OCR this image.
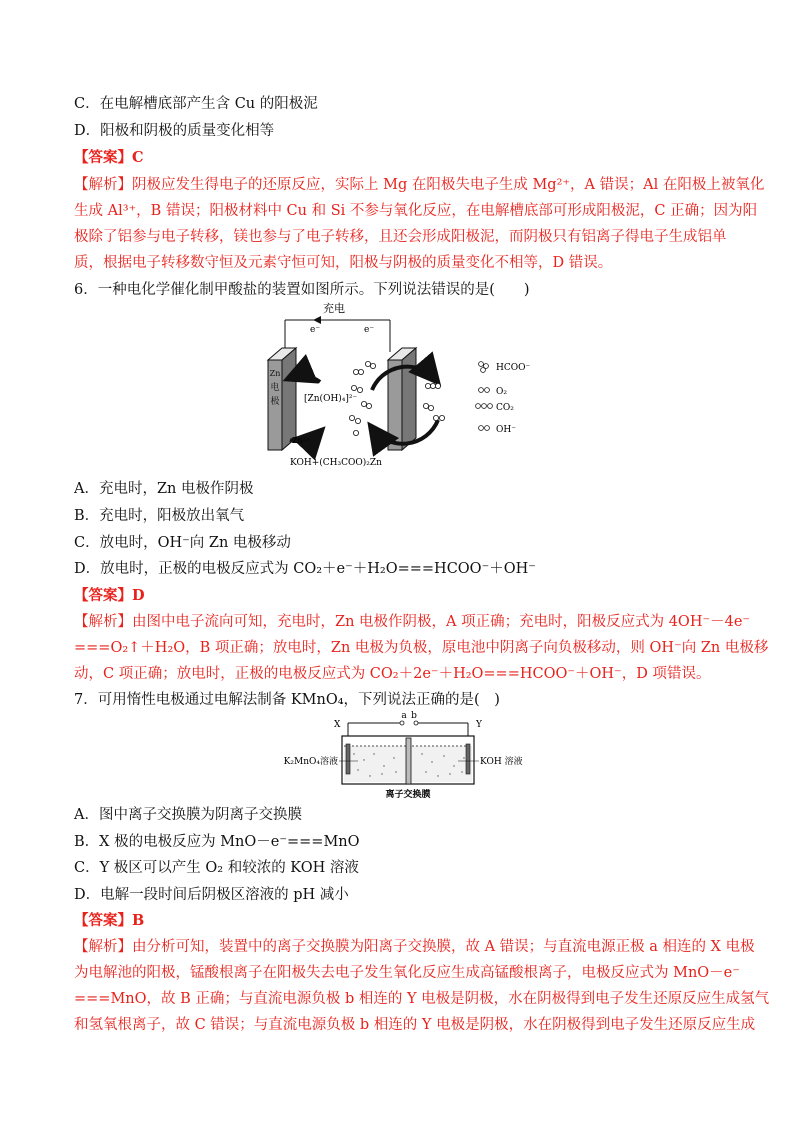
C．在电解槽底部产生含 Cu 的阳极泥
D．阳极和阴极的质量变化相等
【答案】C
【解析】阴极应发生得电子的还原反应，实际上 Mg 在阳极失电子生成 Mg²⁺，A 错误；Al 在阳极上被氧化
生成 Al³⁺，B 错误；阳极材料中 Cu 和 Si 不参与氧化反应，在电解槽底部可形成阳极泥，C 正确；因为阳
极除了铝参与电子转移，镁也参与了电子转移，且还会形成阳极泥，而阴极只有铝离子得电子生成铝单
质，根据电子转移数守恒及元素守恒可知，阳极与阴极的质量变化不相等，D 错误。
6．一种电化学催化制甲酸盐的装置如图所示。下列说法错误的是(　　)
充电
e⁻	e⁻
Zn
电
极	[Zn(OH)₄]²⁻
Zn²⁺
HCOO⁻
O₂
CO₂
OH⁻
KOH+(CH₃COO)₂Zn
A．充电时，Zn 电极作阴极
B．充电时，阳极放出氧气
C．放电时，OH⁻向 Zn 电极移动
D．放电时，正极的电极反应式为 CO₂＋e⁻＋H₂O===HCOO⁻＋OH⁻
【答案】D
【解析】由图中电子流向可知，充电时，Zn 电极作阴极，A 项正确；充电时，阳极反应式为 4OH⁻－4e⁻
===O₂↑＋H₂O，B 项正确；放电时，Zn 电极为负极，原电池中阴离子向负极移动，则 OH⁻向 Zn 电极移
动，C 项正确；放电时，正极的电极反应式为 CO₂＋2e⁻＋H₂O===HCOO⁻＋OH⁻，D 项错误。
7．可用惰性电极通过电解法制备 KMnO₄，下列说法正确的是(　)
a b
X	Y
K₂MnO₄溶液	KOH 溶液
离子交换膜
A．图中离子交换膜为阴离子交换膜
B．X 极的电极反应为 MnO－e⁻===MnO
C．Y 极区可以产生 O₂ 和较浓的 KOH 溶液
D．电解一段时间后阴极区溶液的 pH 减小
【答案】B
【解析】由分析可知，装置中的离子交换膜为阳离子交换膜，故 A 错误；与直流电源正极 a 相连的 X 电极
为电解池的阳极，锰酸根离子在阳极失去电子发生氧化反应生成高锰酸根离子，电极反应式为 MnO－e⁻
===MnO，故 B 正确；与直流电源负极 b 相连的 Y 电极是阴极，水在阴极得到电子发生还原反应生成氢气
和氢氧根离子，故 C 错误；与直流电源负极 b 相连的 Y 电极是阴极，水在阴极得到电子发生还原反应生成
